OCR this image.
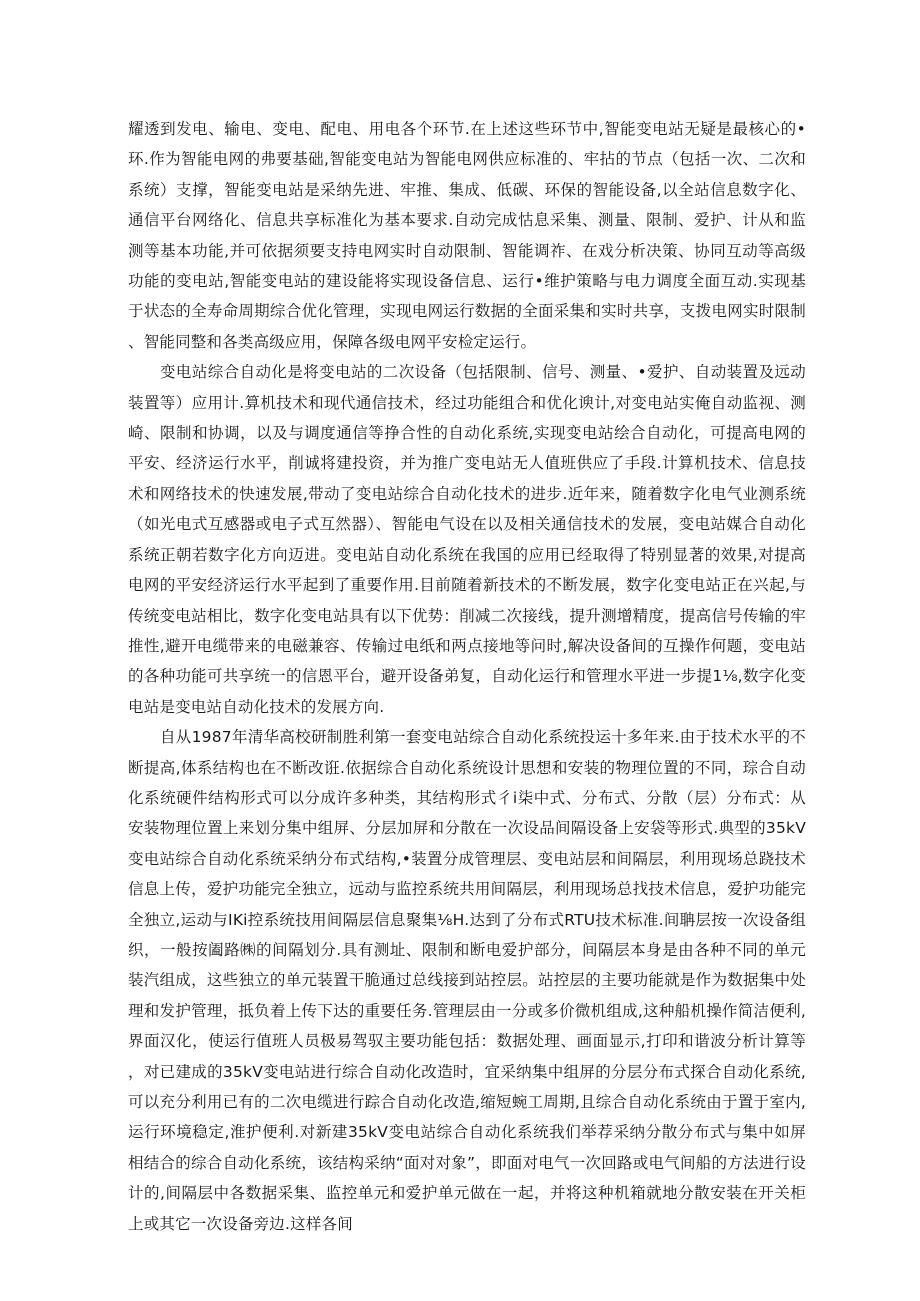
耀透到发电、输电、变电、配电、用电各个环节.在上述这些环节中,智能变电站无疑是最核心的•环.作为智能电网的弗要基础,智能变电站为智能电网供应标准的、牢拈的节点（包括一次、二次和系统）支撑，智能变电站是采纳先进、牢推、集成、低碳、环保的智能设备,以全站信息数字化、通信平台网络化、信息共享标准化为基本要求.自动完成怙息采集、测量、限制、爱护、计从和监测等基本功能,并可依据须要支持电网实时自动限制、智能调祚、在戏分析决策、协同互动等高级功能的变电站,智能变电站的建设能将实现设备信息、运行•维护策略与电力调度全面互动.实现基于状态的全寿命周期综合优化管理，实现电网运行数据的全面采集和实时共享，支拨电网实时限制、智能同整和各类高级应用，保障各级电网平安检定运行。

变电站综合自动化是将变电站的二次设备（包括限制、信号、测量、•爱护、自动装置及远动装置等）应用计.算机技术和现代通信技术，经过功能组合和优化谀计,对变电站实俺自动监视、测崎、限制和协调，以及与调度通信等挣合性的自动化系统,实现变电站绘合自动化，可提高电网的平安、经济运行水平，削诚将建投资，并为推广变电站无人值班供应了手段.计算机技术、信息技术和网络技术的快速发展,带动了变电站综合自动化技术的进步.近年来，随着数字化电气业测系统（如光电式互感器或电子式互然器）、智能电气设在以及相关通信技术的发展，变电站媒合自动化系统正朝若数字化方向迈进。变电站自动化系统在我国的应用已经取得了特别显著的效果,对提高电网的平安经济运行水平起到了重要作用.目前随着新技术的不断发展，数字化变电站正在兴起,与传统变电站相比，数字化变电站具有以下优势：削减二次接线，提升测增精度，提高信号传输的牢推性,避开电缆带来的电磁兼容、传输过电纸和两点接地等问时,解决设备间的互操作何题，变电站的各种功能可共享统一的信恩平台，避开设备弟复，自动化运行和管理水平进一步提1⅛,数字化变电站是变电站自动化技术的发展方向.

自从1987年清华高校研制胜利第一套变电站综合自动化系统投运十多年来.由于技术水平的不断提高,体系结构也在不断改诳.依据综合自动化系统设计思想和安装的物理位置的不同，琮合自动化系统硬件结构形式可以分成许多种类，其结构形式彳i柒中式、分布式、分散（层）分布式：从安装物理位置上来划分集中组屏、分层加屏和分散在一次设品间隔设备上安袋等形式.典型的35kV变电站综合自动化系统采纳分布式结构,•装置分成管理层、变电站层和间隔层，利用现场总跷技术信息上传，爱护功能完全独立，远动与监控系统共用间隔层，利用现场总找技术信息，爱护功能完全独立,运动与IKi控系统技用间隔层信息聚集⅛H.达到了分布式RTU技术标准.间聃层按一次设备组织，一般按阖路㈱的间隔划分.具有测址、限制和断电爱护部分，间隔层本身是由各种不同的单元装汽组成，这些独立的单元装置干脆通过总线接到站控层。站控层的主要功能就是作为数据集中处理和发护管理，抵负着上传下达的重要任务.管理层由一分或多价微机组成,这种船机操作简洁便利,界面汉化，使运行值班人员极易驾驭主要功能包括：数据处理、画面显示,打印和谐波分析计算等，对已建成的35kV变电站进行综合自动化改造时，宜采纳集中组屏的分层分布式探合自动化系统,可以充分利用已有的二次电缆进行踪合自动化改造,缩短蜿工周期,且综合自动化系统由于置于室内,运行环境稳定,淮护便利.对新建35kV变电站综合自动化系统我们举荐采纳分散分布式与集中如屏相结合的综合自动化系统，该结构采纳“面对对象”，即面对电气一次回路或电气间船的方法进行设计的,间隔层中各数据采集、监控单元和爱护单元做在一起，并将这种机箱就地分散安装在开关柜上或其它一次设备旁边.这样各间
